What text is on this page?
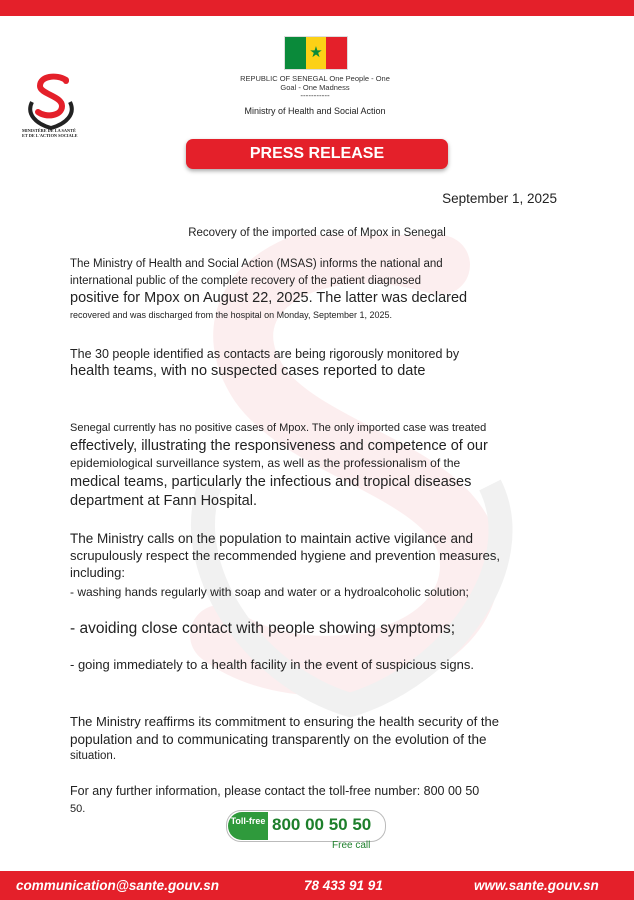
★
REPUBLIC OF SENEGAL One People - One
Goal - One Madness
-----------
Ministry of Health and Social Action
MINISTÈRE DE LA SANTÉ
ET DE L'ACTION SOCIALE
PRESS RELEASE
September 1, 2025
Recovery of the imported case of Mpox in Senegal

The Ministry of Health and Social Action (MSAS) informs the national and

international public of the complete recovery of the patient diagnosed

positive for Mpox on August 22, 2025. The latter was declared

recovered and was discharged from the hospital on Monday, September 1, 2025.

The 30 people identified as contacts are being rigorously monitored by

health teams, with no suspected cases reported to date

Senegal currently has no positive cases of Mpox. The only imported case was treated

effectively, illustrating the responsiveness and competence of our

epidemiological surveillance system, as well as the professionalism of the

medical teams, particularly the infectious and tropical diseases

department at Fann Hospital.

The Ministry calls on the population to maintain active vigilance and

scrupulously respect the recommended hygiene and prevention measures,

including:

- washing hands regularly with soap and water or a hydroalcoholic solution;
- avoiding close contact with people showing symptoms;
- going immediately to a health facility in the event of suspicious signs.

The Ministry reaffirms its commitment to ensuring the health security of the

population and to communicating transparently on the evolution of the

situation.

For any further information, please contact the toll-free number: 800 00 50

50.

Toll-free 800 00 50 50
Free call
communication@sante.gouv.sn	78 433 91 91	www.sante.gouv.sn
